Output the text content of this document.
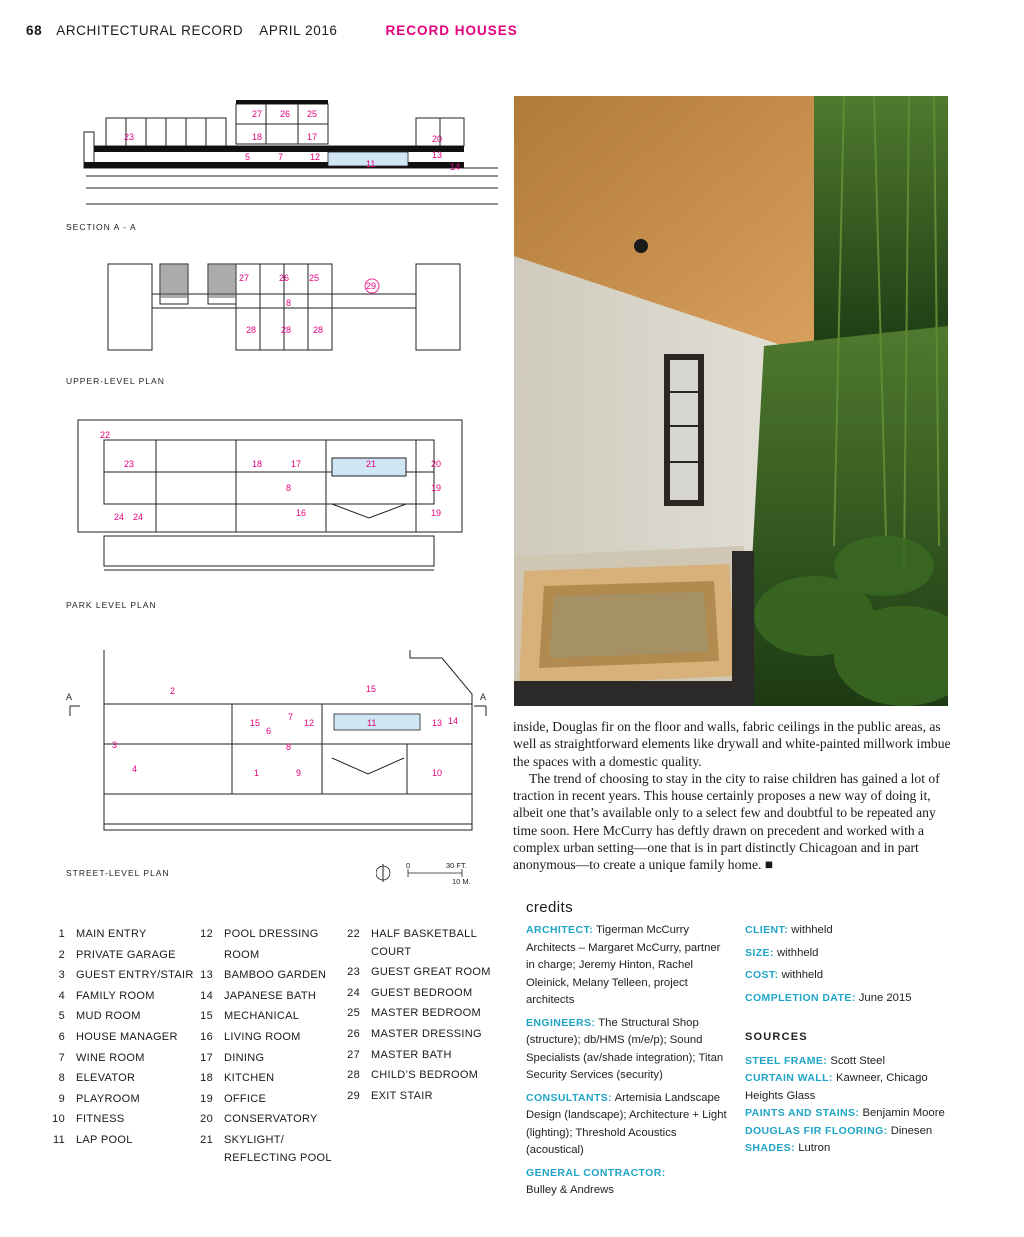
68 ARCHITECTURAL RECORD APRIL 2016	RECORD HOUSES
27 26 25
23	18	17	20
5	7	12
11
13
14
SECTION A - A
27	26 25
29
8
28	28 28
UPPER-LEVEL PLAN
22
23	18	17	21	20
8	19
19
24 24	16
PARK LEVEL PLAN
A	A
2	15
15
7
12	11	13 14
6
8
3
4	1	9	10
STREET-LEVEL PLAN
0	30 FT.
10 M.

inside, Douglas fir on the floor and walls, fabric ceilings in the public areas, as well as straightforward elements like drywall and white-painted millwork imbue the spaces with a domestic quality.

The trend of choosing to stay in the city to raise children has gained a lot of traction in recent years. This house certainly proposes a new way of doing it, albeit one that’s available only to a select few and doubtful to be repeated any time soon. Here McCurry has deftly drawn on precedent and worked with a complex urban setting—one that is in part distinctly Chicagoan and in part anonymous—to create a unique family home. ■

1 MAIN ENTRY
2 PRIVATE GARAGE
3 GUEST ENTRY/STAIR
4 FAMILY ROOM
5 MUD ROOM
6 HOUSE MANAGER
7 WINE ROOM
8 ELEVATOR
9 PLAYROOM
10 FITNESS
11 LAP POOL
12 POOL DRESSING ROOM
13 BAMBOO GARDEN
14 JAPANESE BATH
15 MECHANICAL
16 LIVING ROOM
17 DINING
18 KITCHEN
19 OFFICE
20 CONSERVATORY
21 SKYLIGHT/
REFLECTING POOL
22 HALF BASKETBALL
COURT
23 GUEST GREAT ROOM
24 GUEST BEDROOM
25 MASTER BEDROOM
26 MASTER DRESSING
27 MASTER BATH
28 CHILD’S BEDROOM
29 EXIT STAIR
credits
ARCHITECT: Tigerman McCurry Architects – Margaret McCurry, partner in charge; Jeremy Hinton, Rachel Oleinick, Melany Telleen, project architects
ENGINEERS: The Structural Shop (structure); db/HMS (m/e/p); Sound Specialists (av/shade integration); Titan Security Services (security)
CONSULTANTS: Artemisia Landscape Design (landscape); Architecture + Light (lighting); Threshold Acoustics (acoustical)
GENERAL CONTRACTOR:
Bulley & Andrews
CLIENT: withheld
SIZE: withheld
COST: withheld
COMPLETION DATE: June 2015
SOURCES
STEEL FRAME: Scott Steel
CURTAIN WALL: Kawneer, Chicago Heights Glass
PAINTS AND STAINS: Benjamin Moore
DOUGLAS FIR FLOORING: Dinesen
SHADES: Lutron
